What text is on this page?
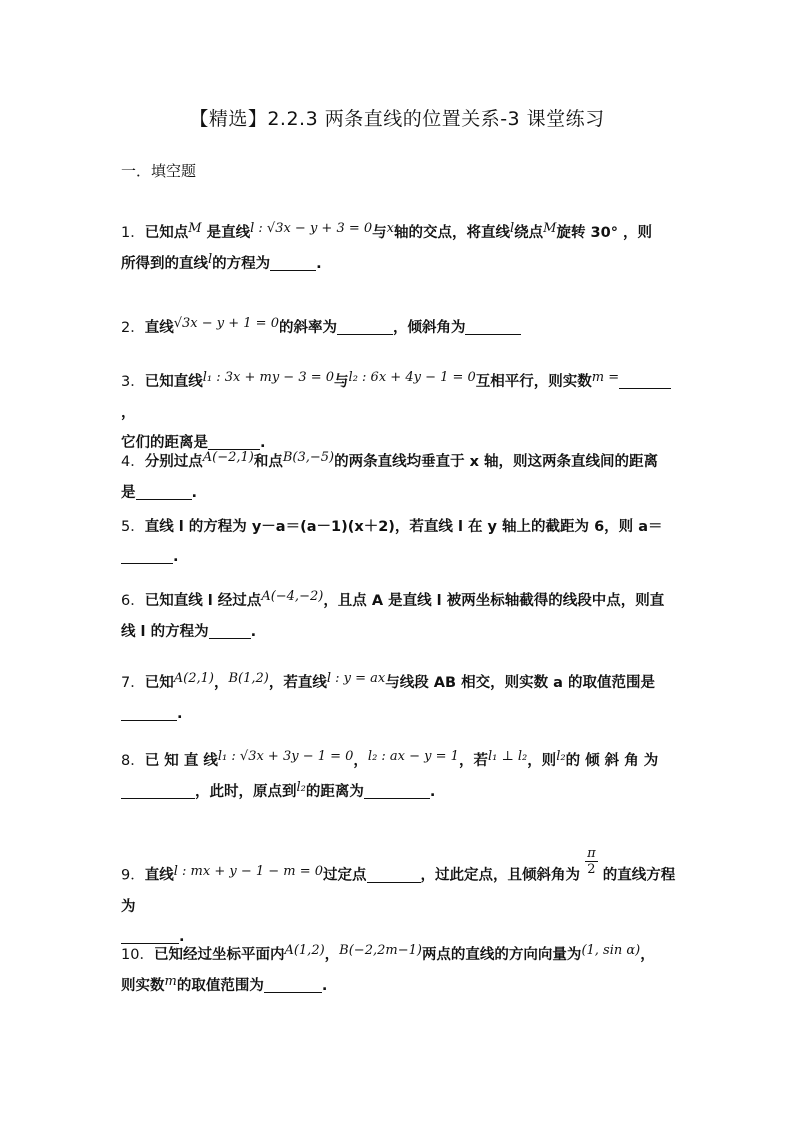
【精选】2.2.3 两条直线的位置关系-3 课堂练习
一．填空题
1．已知点M 是直线l : √3x − y + 3 = 0与x轴的交点，将直线l绕点M旋转 30° ，则
所得到的直线l的方程为	.
2．直线√3x − y + 1 = 0的斜率为	，倾斜角为
3．已知直线l₁ : 3x + my − 3 = 0与l₂ : 6x + 4y − 1 = 0互相平行，则实数m =，
它们的距离是	.
4．分别过点A(−2,1)和点B(3,−5)的两条直线均垂直于 x 轴，则这两条直线间的距离
是	.
5．直线 l 的方程为 y－a＝(a－1)(x＋2)，若直线 l 在 y 轴上的截距为 6，则 a＝
.
6．已知直线 l 经过点A(−4,−2)，且点 A 是直线 l 被两坐标轴截得的线段中点，则直
线 l 的方程为	.
7．已知A(2,1)，B(1,2)，若直线l : y = ax与线段 AB 相交，则实数 a 的取值范围是
.
8．已 知 直 线l₁ : √3x + 3y − 1 = 0，l₂ : ax − y = 1，若l₁ ⊥ l₂，则l₂的 倾 斜 角 为
，此时，原点到l₂的距离为	.
9．直线l : mx + y − 1 − m = 0过定点	，过此定点，且倾斜角为 $\frac{\pi}{2}$ 的直线方程为
.
10．已知经过坐标平面内A(1,2)，B(−2,2m−1)两点的直线的方向向量为(1, sin α)，
则实数m的取值范围为	.
